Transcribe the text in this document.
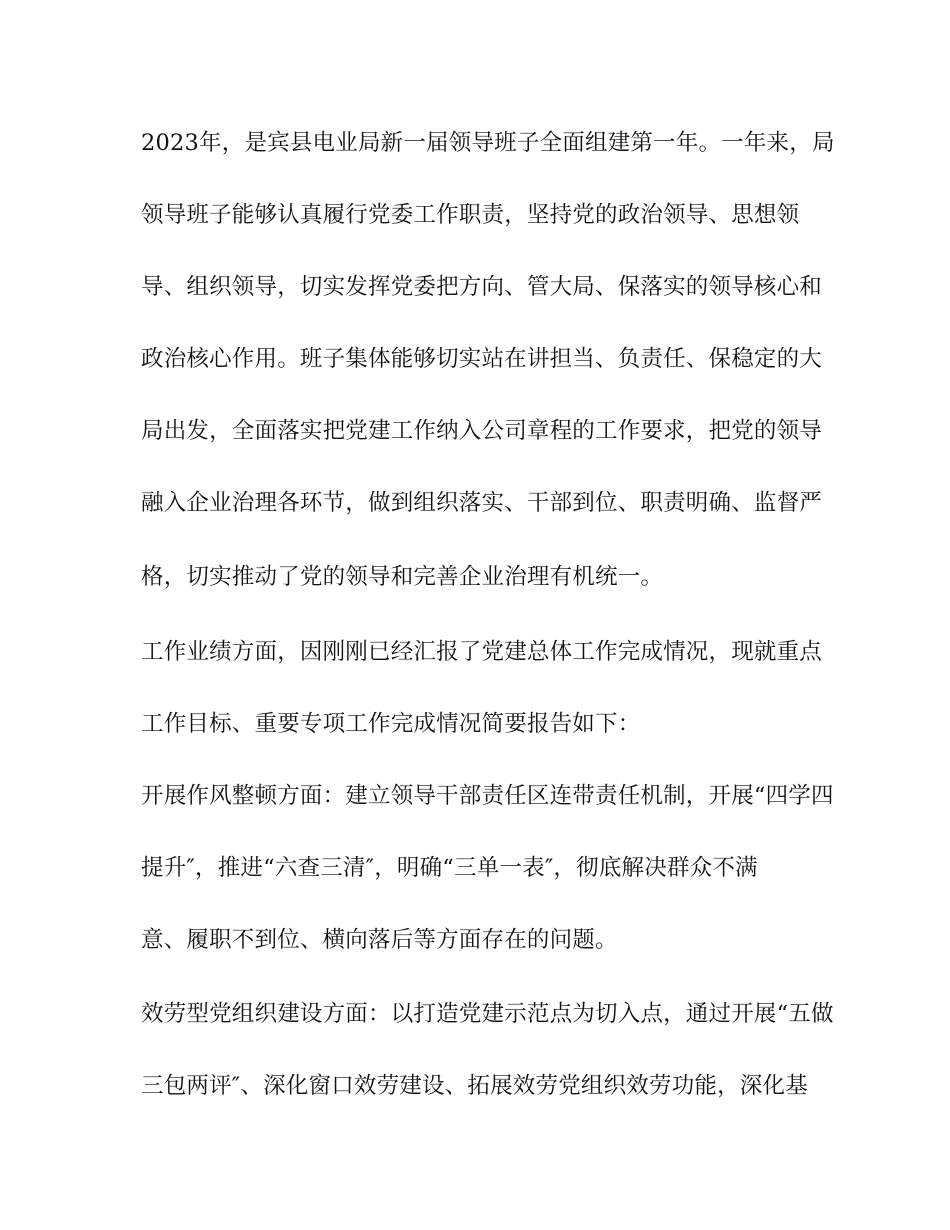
2023年，是宾县电业局新一届领导班子全面组建第一年。一年来，局
领导班子能够认真履行党委工作职责，坚持党的政治领导、思想领
导、组织领导，切实发挥党委把方向、管大局、保落实的领导核心和
政治核心作用。班子集体能够切实站在讲担当、负责任、保稳定的大
局出发，全面落实把党建工作纳入公司章程的工作要求，把党的领导
融入企业治理各环节，做到组织落实、干部到位、职责明确、监督严
格，切实推动了党的领导和完善企业治理有机统一。
工作业绩方面，因刚刚已经汇报了党建总体工作完成情况，现就重点
工作目标、重要专项工作完成情况简要报告如下：
开展作风整顿方面：建立领导干部责任区连带责任机制，开展“四学四
提升″，推进“六查三清″，明确“三单一表″，彻底解决群众不满
意、履职不到位、横向落后等方面存在的问题。
效劳型党组织建设方面：以打造党建示范点为切入点，通过开展“五做
三包两评″、深化窗口效劳建设、拓展效劳党组织效劳功能，深化基
